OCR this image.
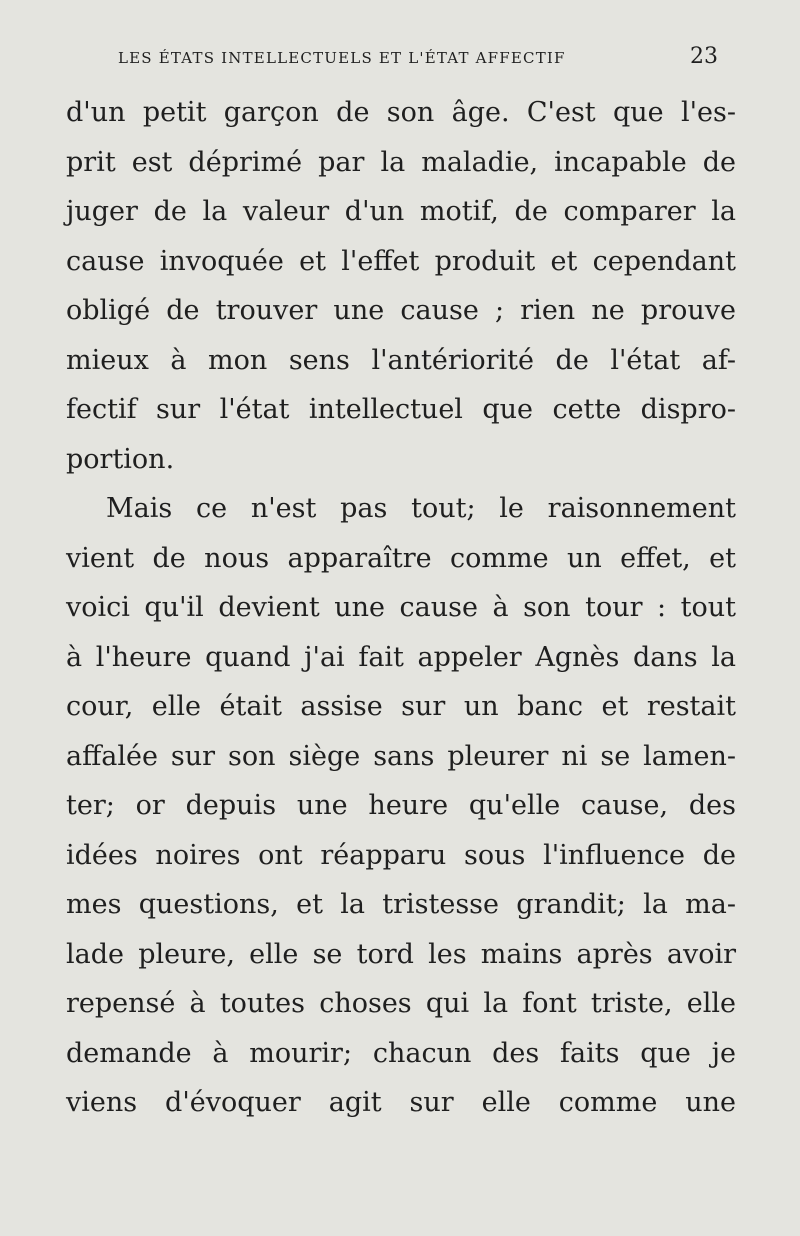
LES ÉTATS INTELLECTUELS ET L'ÉTAT AFFECTIF	23
d'un petit garçon de son âge. C'est que l'es-
prit est déprimé par la maladie, incapable de
juger de la valeur d'un motif, de comparer la
cause invoquée et l'effet produit et cependant
obligé de trouver une cause ; rien ne prouve
mieux à mon sens l'antériorité de l'état af-
fectif sur l'état intellectuel que cette dispro-
portion.
Mais ce n'est pas tout; le raisonnement
vient de nous apparaître comme un effet, et
voici qu'il devient une cause à son tour : tout
à l'heure quand j'ai fait appeler Agnès dans la
cour, elle était assise sur un banc et restait
affalée sur son siège sans pleurer ni se lamen-
ter; or depuis une heure qu'elle cause, des
idées noires ont réapparu sous l'influence de
mes questions, et la tristesse grandit; la ma-
lade pleure, elle se tord les mains après avoir
repensé à toutes choses qui la font triste, elle
demande à mourir; chacun des faits que je
viens d'évoquer agit sur elle comme une
